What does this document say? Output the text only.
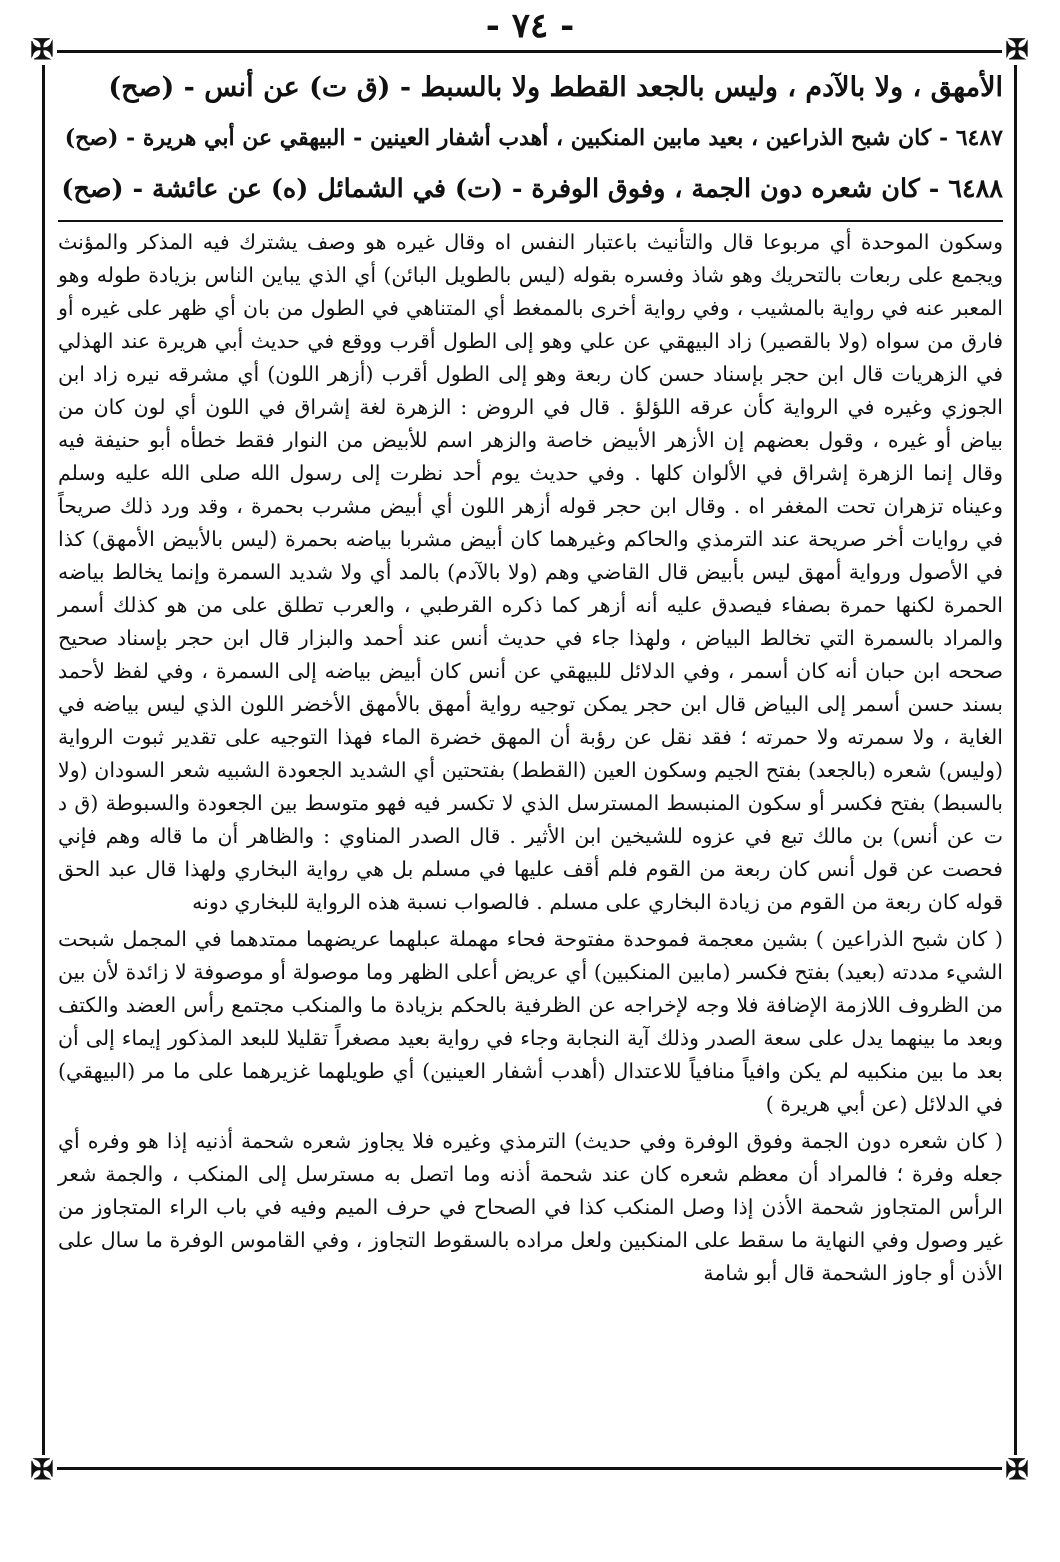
- ٧٤ -
✠	✠
✠	✠
الأمهق ، ولا بالآدم ، وليس بالجعد القطط ولا بالسبط - (ق ت) عن أنس - (صح)
٦٤٨٧ - كان شبح الذراعين ، بعيد مابين المنكبين ، أهدب أشفار العينين - البيهقي عن أبي هريرة - (صح)
٦٤٨٨ - كان شعره دون الجمة ، وفوق الوفرة - (ت) في الشمائل (ه) عن عائشة - (صح)

وسكون الموحدة أي مربوعا قال والتأنيث باعتبار النفس اه وقال غيره هو وصف يشترك فيه المذكر والمؤنث ويجمع على ربعات بالتحريك وهو شاذ وفسره بقوله (ليس بالطويل البائن) أي الذي يباين الناس بزيادة طوله وهو المعبر عنه في رواية بالمشيب ، وفي رواية أخرى بالممغط أي المتناهي في الطول من بان أي ظهر على غيره أو فارق من سواه (ولا بالقصير) زاد البيهقي عن علي وهو إلى الطول أقرب ووقع في حديث أبي هريرة عند الهذلي في الزهريات قال ابن حجر بإسناد حسن كان ربعة وهو إلى الطول أقرب (أزهر اللون) أي مشرقه نيره زاد ابن الجوزي وغيره في الرواية كأن عرقه اللؤلؤ . قال في الروض : الزهرة لغة إشراق في اللون أي لون كان من بياض أو غيره ، وقول بعضهم إن الأزهر الأبيض خاصة والزهر اسم للأبيض من النوار فقط خطأه أبو حنيفة فيه وقال إنما الزهرة إشراق في الألوان كلها . وفي حديث يوم أحد نظرت إلى رسول الله صلى الله عليه وسلم وعيناه تزهران تحت المغفر اه . وقال ابن حجر قوله أزهر اللون أي أبيض مشرب بحمرة ، وقد ورد ذلك صريحاً في روايات أخر صريحة عند الترمذي والحاكم وغيرهما كان أبيض مشربا بياضه بحمرة (ليس بالأبيض الأمهق) كذا في الأصول ورواية أمهق ليس بأبيض قال القاضي وهم (ولا بالآدم) بالمد أي ولا شديد السمرة وإنما يخالط بياضه الحمرة لكنها حمرة بصفاء فيصدق عليه أنه أزهر كما ذكره القرطبي ، والعرب تطلق على من هو كذلك أسمر والمراد بالسمرة التي تخالط البياض ، ولهذا جاء في حديث أنس عند أحمد والبزار قال ابن حجر بإسناد صحيح صححه ابن حبان أنه كان أسمر ، وفي الدلائل للبيهقي عن أنس كان أبيض بياضه إلى السمرة ، وفي لفظ لأحمد بسند حسن أسمر إلى البياض قال ابن حجر يمكن توجيه رواية أمهق بالأمهق الأخضر اللون الذي ليس بياضه في الغاية ، ولا سمرته ولا حمرته ؛ فقد نقل عن رؤبة أن المهق خضرة الماء فهذا التوجيه على تقدير ثبوت الرواية (وليس) شعره (بالجعد) بفتح الجيم وسكون العين (القطط) بفتحتين أي الشديد الجعودة الشبيه شعر السودان (ولا بالسبط) بفتح فكسر أو سكون المنبسط المسترسل الذي لا تكسر فيه فهو متوسط بين الجعودة والسبوطة (ق د ت عن أنس) بن مالك تبع في عزوه للشيخين ابن الأثير . قال الصدر المناوي : والظاهر أن ما قاله وهم فإني فحصت عن قول أنس كان ربعة من القوم فلم أقف عليها في مسلم بل هي رواية البخاري ولهذا قال عبد الحق قوله كان ربعة من القوم من زيادة البخاري على مسلم . فالصواب نسبة هذه الرواية للبخاري دونه

( كان شبح الذراعين ) بشين معجمة فموحدة مفتوحة فحاء مهملة عبلهما عريضهما ممتدهما في المجمل شبحت الشيء مددته (بعيد) بفتح فكسر (مابين المنكبين) أي عريض أعلى الظهر وما موصولة أو موصوفة لا زائدة لأن بين من الظروف اللازمة الإضافة فلا وجه لإخراجه عن الظرفية بالحكم بزيادة ما والمنكب مجتمع رأس العضد والكتف وبعد ما بينهما يدل على سعة الصدر وذلك آية النجابة وجاء في رواية بعيد مصغراً تقليلا للبعد المذكور إيماء إلى أن بعد ما بين منكبيه لم يكن وافياً منافياً للاعتدال (أهدب أشفار العينين) أي طويلهما غزيرهما على ما مر (البيهقي) في الدلائل (عن أبي هريرة )

( كان شعره دون الجمة وفوق الوفرة وفي حديث) الترمذي وغيره فلا يجاوز شعره شحمة أذنيه إذا هو وفره أي جعله وفرة ؛ فالمراد أن معظم شعره كان عند شحمة أذنه وما اتصل به مسترسل إلى المنكب ، والجمة شعر الرأس المتجاوز شحمة الأذن إذا وصل المنكب كذا في الصحاح في حرف الميم وفيه في باب الراء المتجاوز من غير وصول وفي النهاية ما سقط على المنكبين ولعل مراده بالسقوط التجاوز ، وفي القاموس الوفرة ما سال على الأذن أو جاوز الشحمة قال أبو شامة
